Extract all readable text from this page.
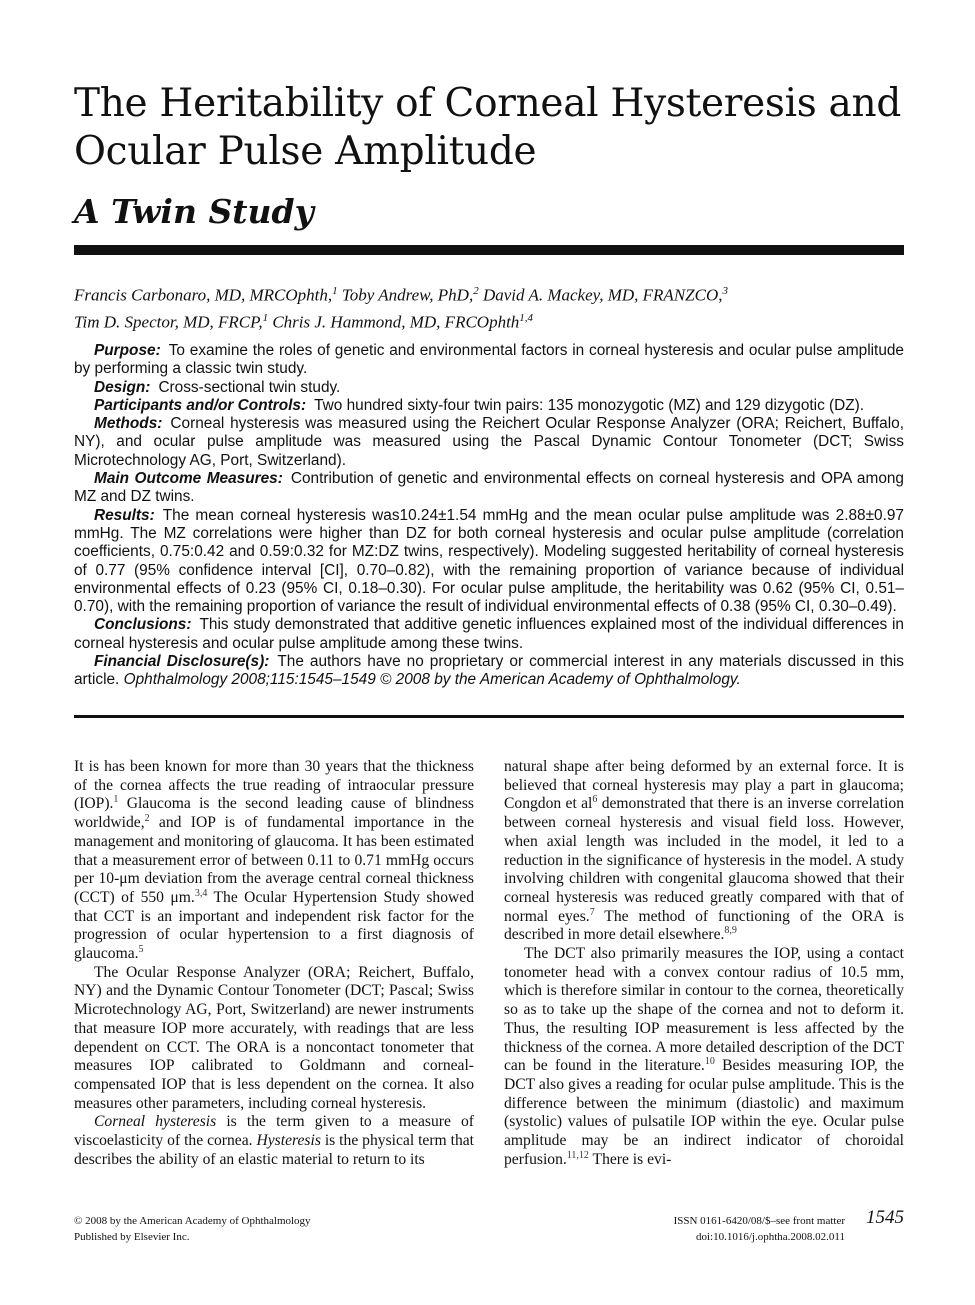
The Heritability of Corneal Hysteresis and Ocular Pulse Amplitude
A Twin Study
Francis Carbonaro, MD, MRCOphth,$^1$ Toby Andrew, PhD,$^2$ David A. Mackey, MD, FRANZCO,$^3$
Tim D. Spector, MD, FRCP,$^1$ Chris J. Hammond, MD, FRCOphth$^{1,4}$

Purpose: To examine the roles of genetic and environmental factors in corneal hysteresis and ocular pulse amplitude by performing a classic twin study.

Design: Cross-sectional twin study.

Participants and/or Controls: Two hundred sixty-four twin pairs: 135 monozygotic (MZ) and 129 dizygotic (DZ).

Methods: Corneal hysteresis was measured using the Reichert Ocular Response Analyzer (ORA; Reichert, Buffalo, NY), and ocular pulse amplitude was measured using the Pascal Dynamic Contour Tonometer (DCT; Swiss Microtechnology AG, Port, Switzerland).

Main Outcome Measures: Contribution of genetic and environmental effects on corneal hysteresis and OPA among MZ and DZ twins.

Results: The mean corneal hysteresis was10.24±1.54 mmHg and the mean ocular pulse amplitude was 2.88±0.97 mmHg. The MZ correlations were higher than DZ for both corneal hysteresis and ocular pulse amplitude (correlation coefficients, 0.75:0.42 and 0.59:0.32 for MZ:DZ twins, respectively). Modeling suggested heritability of corneal hysteresis of 0.77 (95% confidence interval [CI], 0.70–0.82), with the remaining proportion of variance because of individual environmental effects of 0.23 (95% CI, 0.18–0.30). For ocular pulse amplitude, the heritability was 0.62 (95% CI, 0.51–0.70), with the remaining proportion of variance the result of individual environmental effects of 0.38 (95% CI, 0.30–0.49).

Conclusions: This study demonstrated that additive genetic influences explained most of the individual differences in corneal hysteresis and ocular pulse amplitude among these twins.

Financial Disclosure(s): The authors have no proprietary or commercial interest in any materials discussed in this article. Ophthalmology 2008;115:1545–1549 © 2008 by the American Academy of Ophthalmology.

It is has been known for more than 30 years that the thickness of the cornea affects the true reading of intraocular pressure (IOP).$^1$ Glaucoma is the second leading cause of blindness worldwide,$^2$ and IOP is of fundamental importance in the management and monitoring of glaucoma. It has been estimated that a measurement error of between 0.11 to 0.71 mmHg occurs per 10-μm deviation from the average central corneal thickness (CCT) of 550 μm.$^{3,4}$ The Ocular Hypertension Study showed that CCT is an important and independent risk factor for the progression of ocular hypertension to a first diagnosis of glaucoma.$^5$

The Ocular Response Analyzer (ORA; Reichert, Buffalo, NY) and the Dynamic Contour Tonometer (DCT; Pascal; Swiss Microtechnology AG, Port, Switzerland) are newer instruments that measure IOP more accurately, with readings that are less dependent on CCT. The ORA is a noncontact tonometer that measures IOP calibrated to Goldmann and corneal-compensated IOP that is less dependent on the cornea. It also measures other parameters, including corneal hysteresis.

Corneal hysteresis is the term given to a measure of viscoelasticity of the cornea. Hysteresis is the physical term that describes the ability of an elastic material to return to its

natural shape after being deformed by an external force. It is believed that corneal hysteresis may play a part in glaucoma; Congdon et $al^6$ demonstrated that there is an inverse correlation between corneal hysteresis and visual field loss. However, when axial length was included in the model, it led to a reduction in the significance of hysteresis in the model. A study involving children with congenital glaucoma showed that their corneal hysteresis was reduced greatly compared with that of normal eyes.$^7$ The method of functioning of the ORA is described in more detail elsewhere.$^{8,9}$

The DCT also primarily measures the IOP, using a contact tonometer head with a convex contour radius of 10.5 mm, which is therefore similar in contour to the cornea, theoretically so as to take up the shape of the cornea and not to deform it. Thus, the resulting IOP measurement is less affected by the thickness of the cornea. A more detailed description of the DCT can be found in the literature.$^{10}$ Besides measuring IOP, the DCT also gives a reading for ocular pulse amplitude. This is the difference between the minimum (diastolic) and maximum (systolic) values of pulsatile IOP within the eye. Ocular pulse amplitude may be an indirect indicator of choroidal perfusion.$^{11,12}$ There is evi-

© 2008 by the American Academy of Ophthalmology
Published by Elsevier Inc.
ISSN 0161-6420/08/$–see front matter
doi:10.1016/j.ophtha.2008.02.011
1545
